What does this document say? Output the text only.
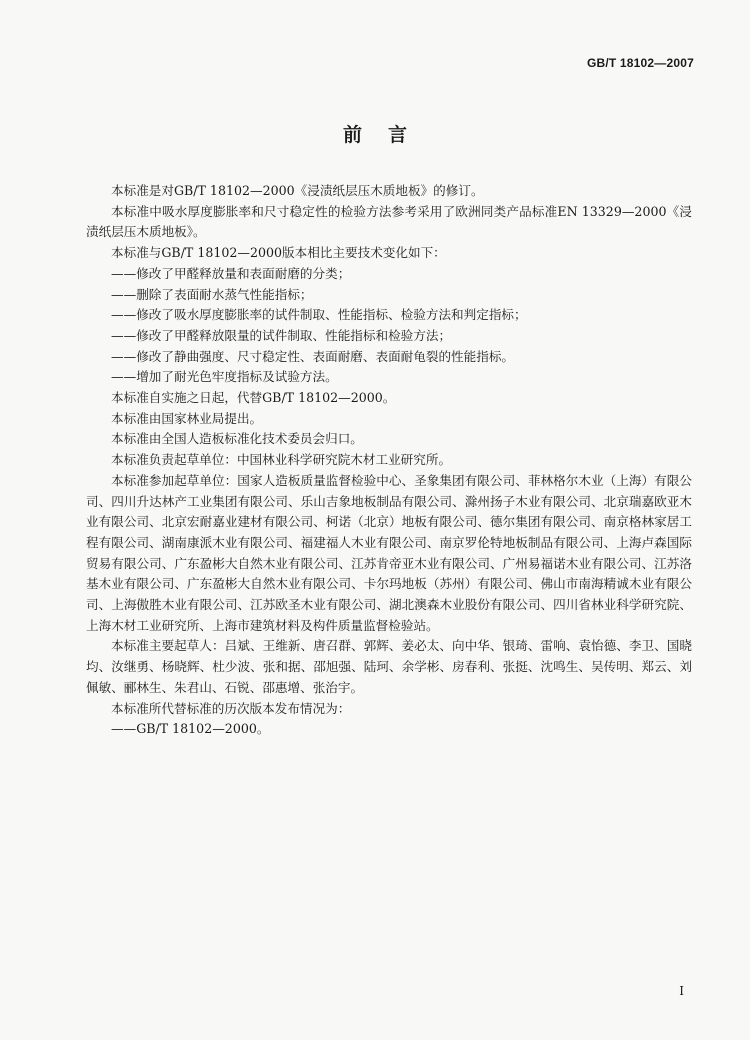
GB/T 18102—2007
前言

本标准是对GB/T 18102—2000《浸渍纸层压木质地板》的修订。

本标准中吸水厚度膨胀率和尺寸稳定性的检验方法参考采用了欧洲同类产品标准EN 13329—2000《浸渍纸层压木质地板》。

本标准与GB/T 18102—2000版本相比主要技术变化如下：

——修改了甲醛释放量和表面耐磨的分类；

——删除了表面耐水蒸气性能指标；

——修改了吸水厚度膨胀率的试件制取、性能指标、检验方法和判定指标；

——修改了甲醛释放限量的试件制取、性能指标和检验方法；

——修改了静曲强度、尺寸稳定性、表面耐磨、表面耐龟裂的性能指标。

——增加了耐光色牢度指标及试验方法。

本标准自实施之日起，代替GB/T 18102—2000。

本标准由国家林业局提出。

本标准由全国人造板标准化技术委员会归口。

本标准负责起草单位：中国林业科学研究院木材工业研究所。

本标准参加起草单位：国家人造板质量监督检验中心、圣象集团有限公司、菲林格尔木业（上海）有限公司、四川升达林产工业集团有限公司、乐山吉象地板制品有限公司、滁州扬子木业有限公司、北京瑞嘉欧亚木业有限公司、北京宏耐嘉业建材有限公司、柯诺（北京）地板有限公司、德尔集团有限公司、南京格林家居工程有限公司、湖南康派木业有限公司、福建福人木业有限公司、南京罗伦特地板制品有限公司、上海卢森国际贸易有限公司、广东盈彬大自然木业有限公司、江苏肯帝亚木业有限公司、广州易福诺木业有限公司、江苏洛基木业有限公司、广东盈彬大自然木业有限公司、卡尔玛地板（苏州）有限公司、佛山市南海精诚木业有限公司、上海傲胜木业有限公司、江苏欧圣木业有限公司、湖北澳森木业股份有限公司、四川省林业科学研究院、上海木材工业研究所、上海市建筑材料及构件质量监督检验站。

本标准主要起草人：吕斌、王维新、唐召群、郭辉、姜必太、向中华、银琦、雷响、袁怡德、李卫、国晓均、汝继勇、杨晓辉、杜少波、张和据、邵旭强、陆珂、余学彬、房春利、张挺、沈鸣生、吴传明、郑云、刘佩敏、郦林生、朱君山、石锐、邵惠增、张治宇。

本标准所代替标准的历次版本发布情况为：

——GB/T 18102—2000。

I
